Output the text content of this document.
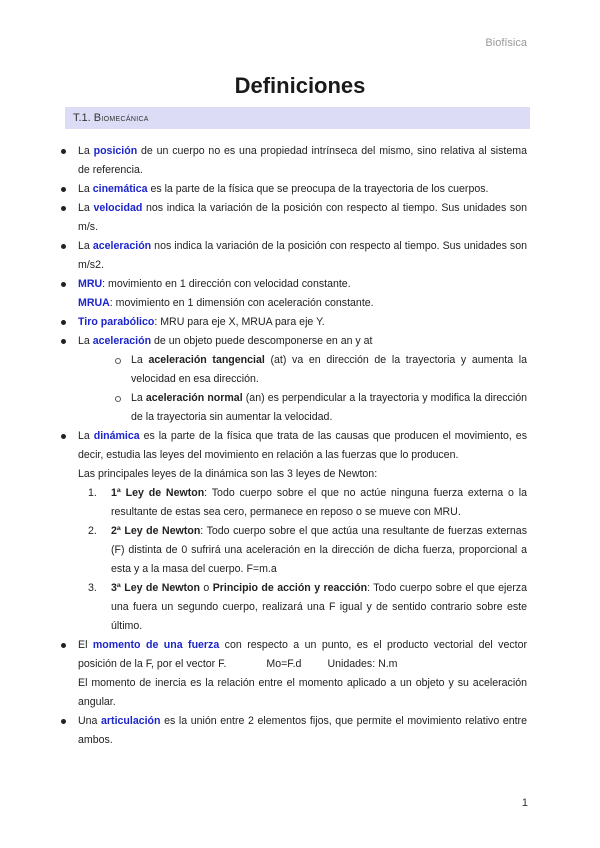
Biofísica
Definiciones
T.1. BIOMECÁNICA
La posición de un cuerpo no es una propiedad intrínseca del mismo, sino relativa al sistema de referencia.
La cinemática es la parte de la física que se preocupa de la trayectoria de los cuerpos.
La velocidad nos indica la variación de la posición con respecto al tiempo. Sus unidades son m/s.
La aceleración nos indica la variación de la posición con respecto al tiempo. Sus unidades son m/s2.
MRU: movimiento en 1 dirección con velocidad constante.
MRUA: movimiento en 1 dimensión con aceleración constante.
Tiro parabólico: MRU para eje X, MRUA para eje Y.
La aceleración de un objeto puede descomponerse en an y at
La aceleración tangencial (at) va en dirección de la trayectoria y aumenta la velocidad en esa dirección.
La aceleración normal (an) es perpendicular a la trayectoria y modifica la dirección de la trayectoria sin aumentar la velocidad.
La dinámica es la parte de la física que trata de las causas que producen el movimiento, es decir, estudia las leyes del movimiento en relación a las fuerzas que lo producen.
Las principales leyes de la dinámica son las 3 leyes de Newton:
1. 1ª Ley de Newton: Todo cuerpo sobre el que no actúe ninguna fuerza externa o la resultante de estas sea cero, permanece en reposo o se mueve con MRU.
2. 2ª Ley de Newton: Todo cuerpo sobre el que actúa una resultante de fuerzas externas (F) distinta de 0 sufrirá una aceleración en la dirección de dicha fuerza, proporcional a esta y a la masa del cuerpo. F=m.a
3. 3ª Ley de Newton o Principio de acción y reacción: Todo cuerpo sobre el que ejerza una fuera un segundo cuerpo, realizará una F igual y de sentido contrario sobre este último.
El momento de una fuerza con respecto a un punto, es el producto vectorial del vector posición de la F, por el vector F.	Mo=F.d Unidades: N.m
El momento de inercia es la relación entre el momento aplicado a un objeto y su aceleración angular.
Una articulación es la unión entre 2 elementos fijos, que permite el movimiento relativo entre ambos.
1
